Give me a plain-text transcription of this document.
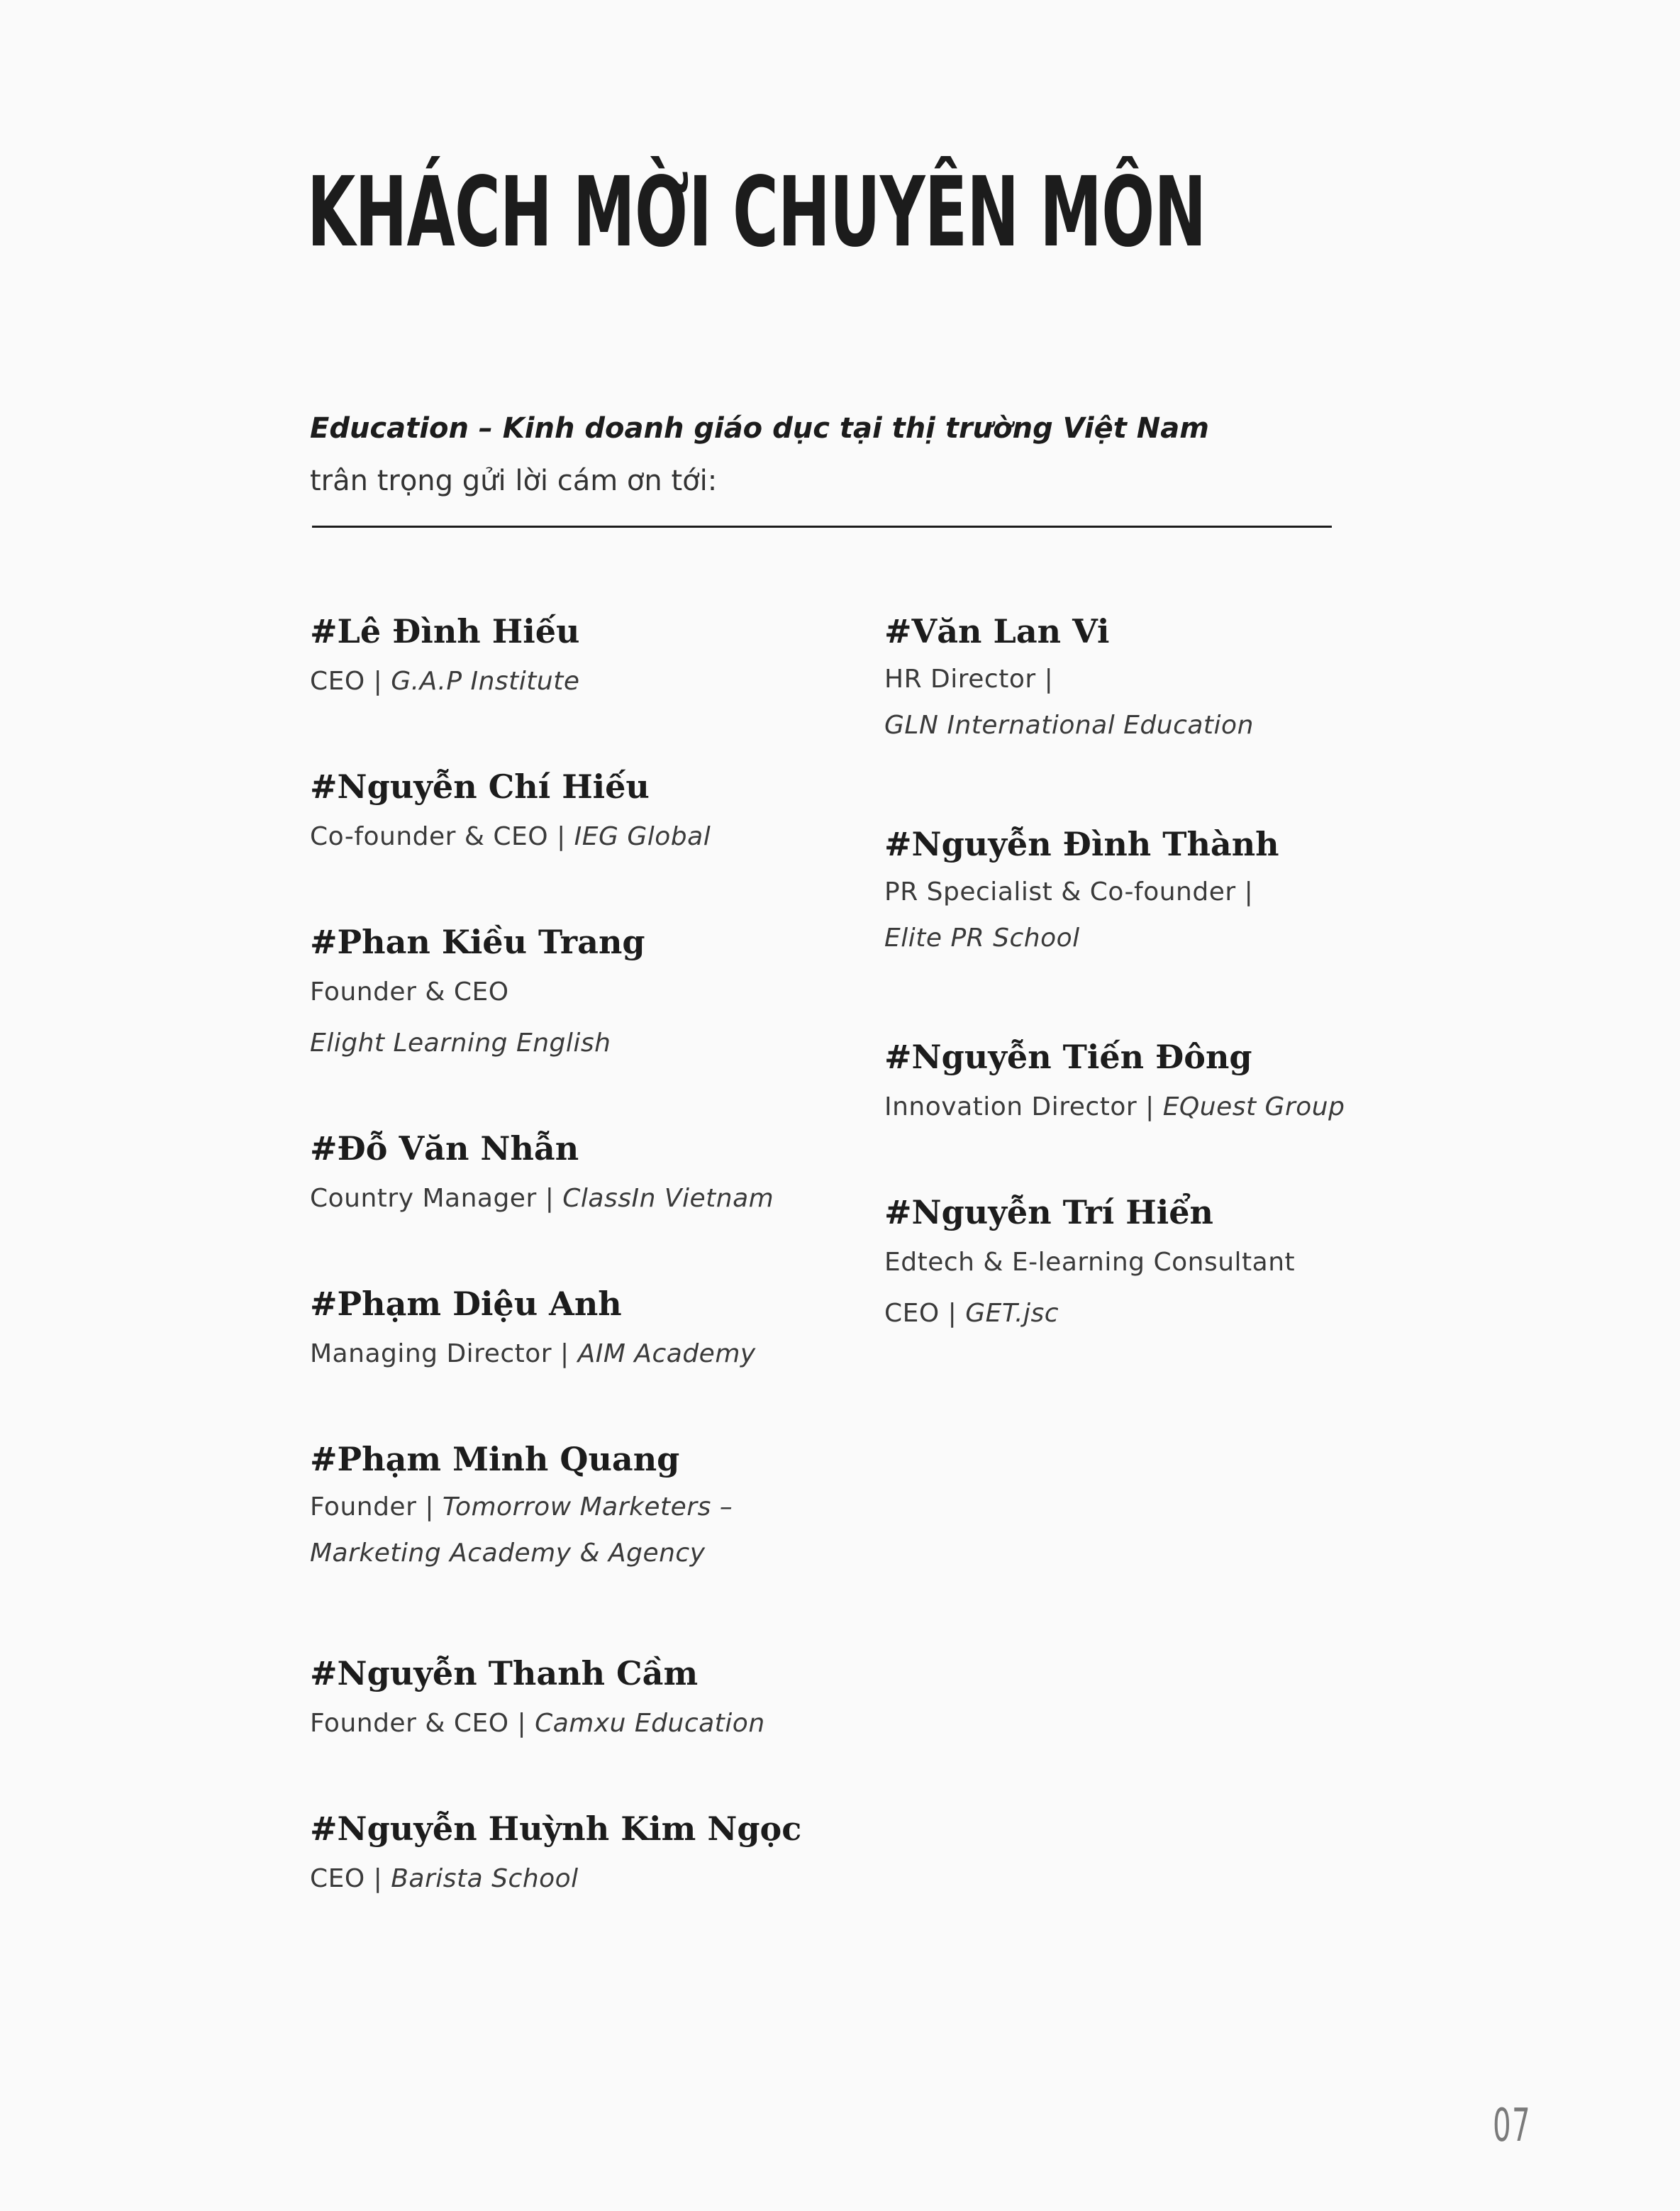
KHÁCH MỜI CHUYÊN MÔN
Education – Kinh doanh giáo dục tại thị trường Việt Nam
trân trọng gửi lời cám ơn tới:
#Lê Đình Hiếu
CEO | G.A.P Institute
#Nguyễn Chí Hiếu
Co-founder & CEO | IEG Global
#Phan Kiều Trang
Founder & CEO
Elight Learning English
#Đỗ Văn Nhẫn
Country Manager | ClassIn Vietnam
#Phạm Diệu Anh
Managing Director | AIM Academy
#Phạm Minh Quang
Founder | Tomorrow Marketers –
Marketing Academy & Agency
#Nguyễn Thanh Cầm
Founder & CEO | Camxu Education
#Nguyễn Huỳnh Kim Ngọc
CEO | Barista School
#Văn Lan Vi
HR Director |
GLN International Education
#Nguyễn Đình Thành
PR Specialist & Co-founder |
Elite PR School
#Nguyễn Tiến Đông
Innovation Director | EQuest Group
#Nguyễn Trí Hiển
Edtech & E-learning Consultant
CEO | GET.jsc
07
